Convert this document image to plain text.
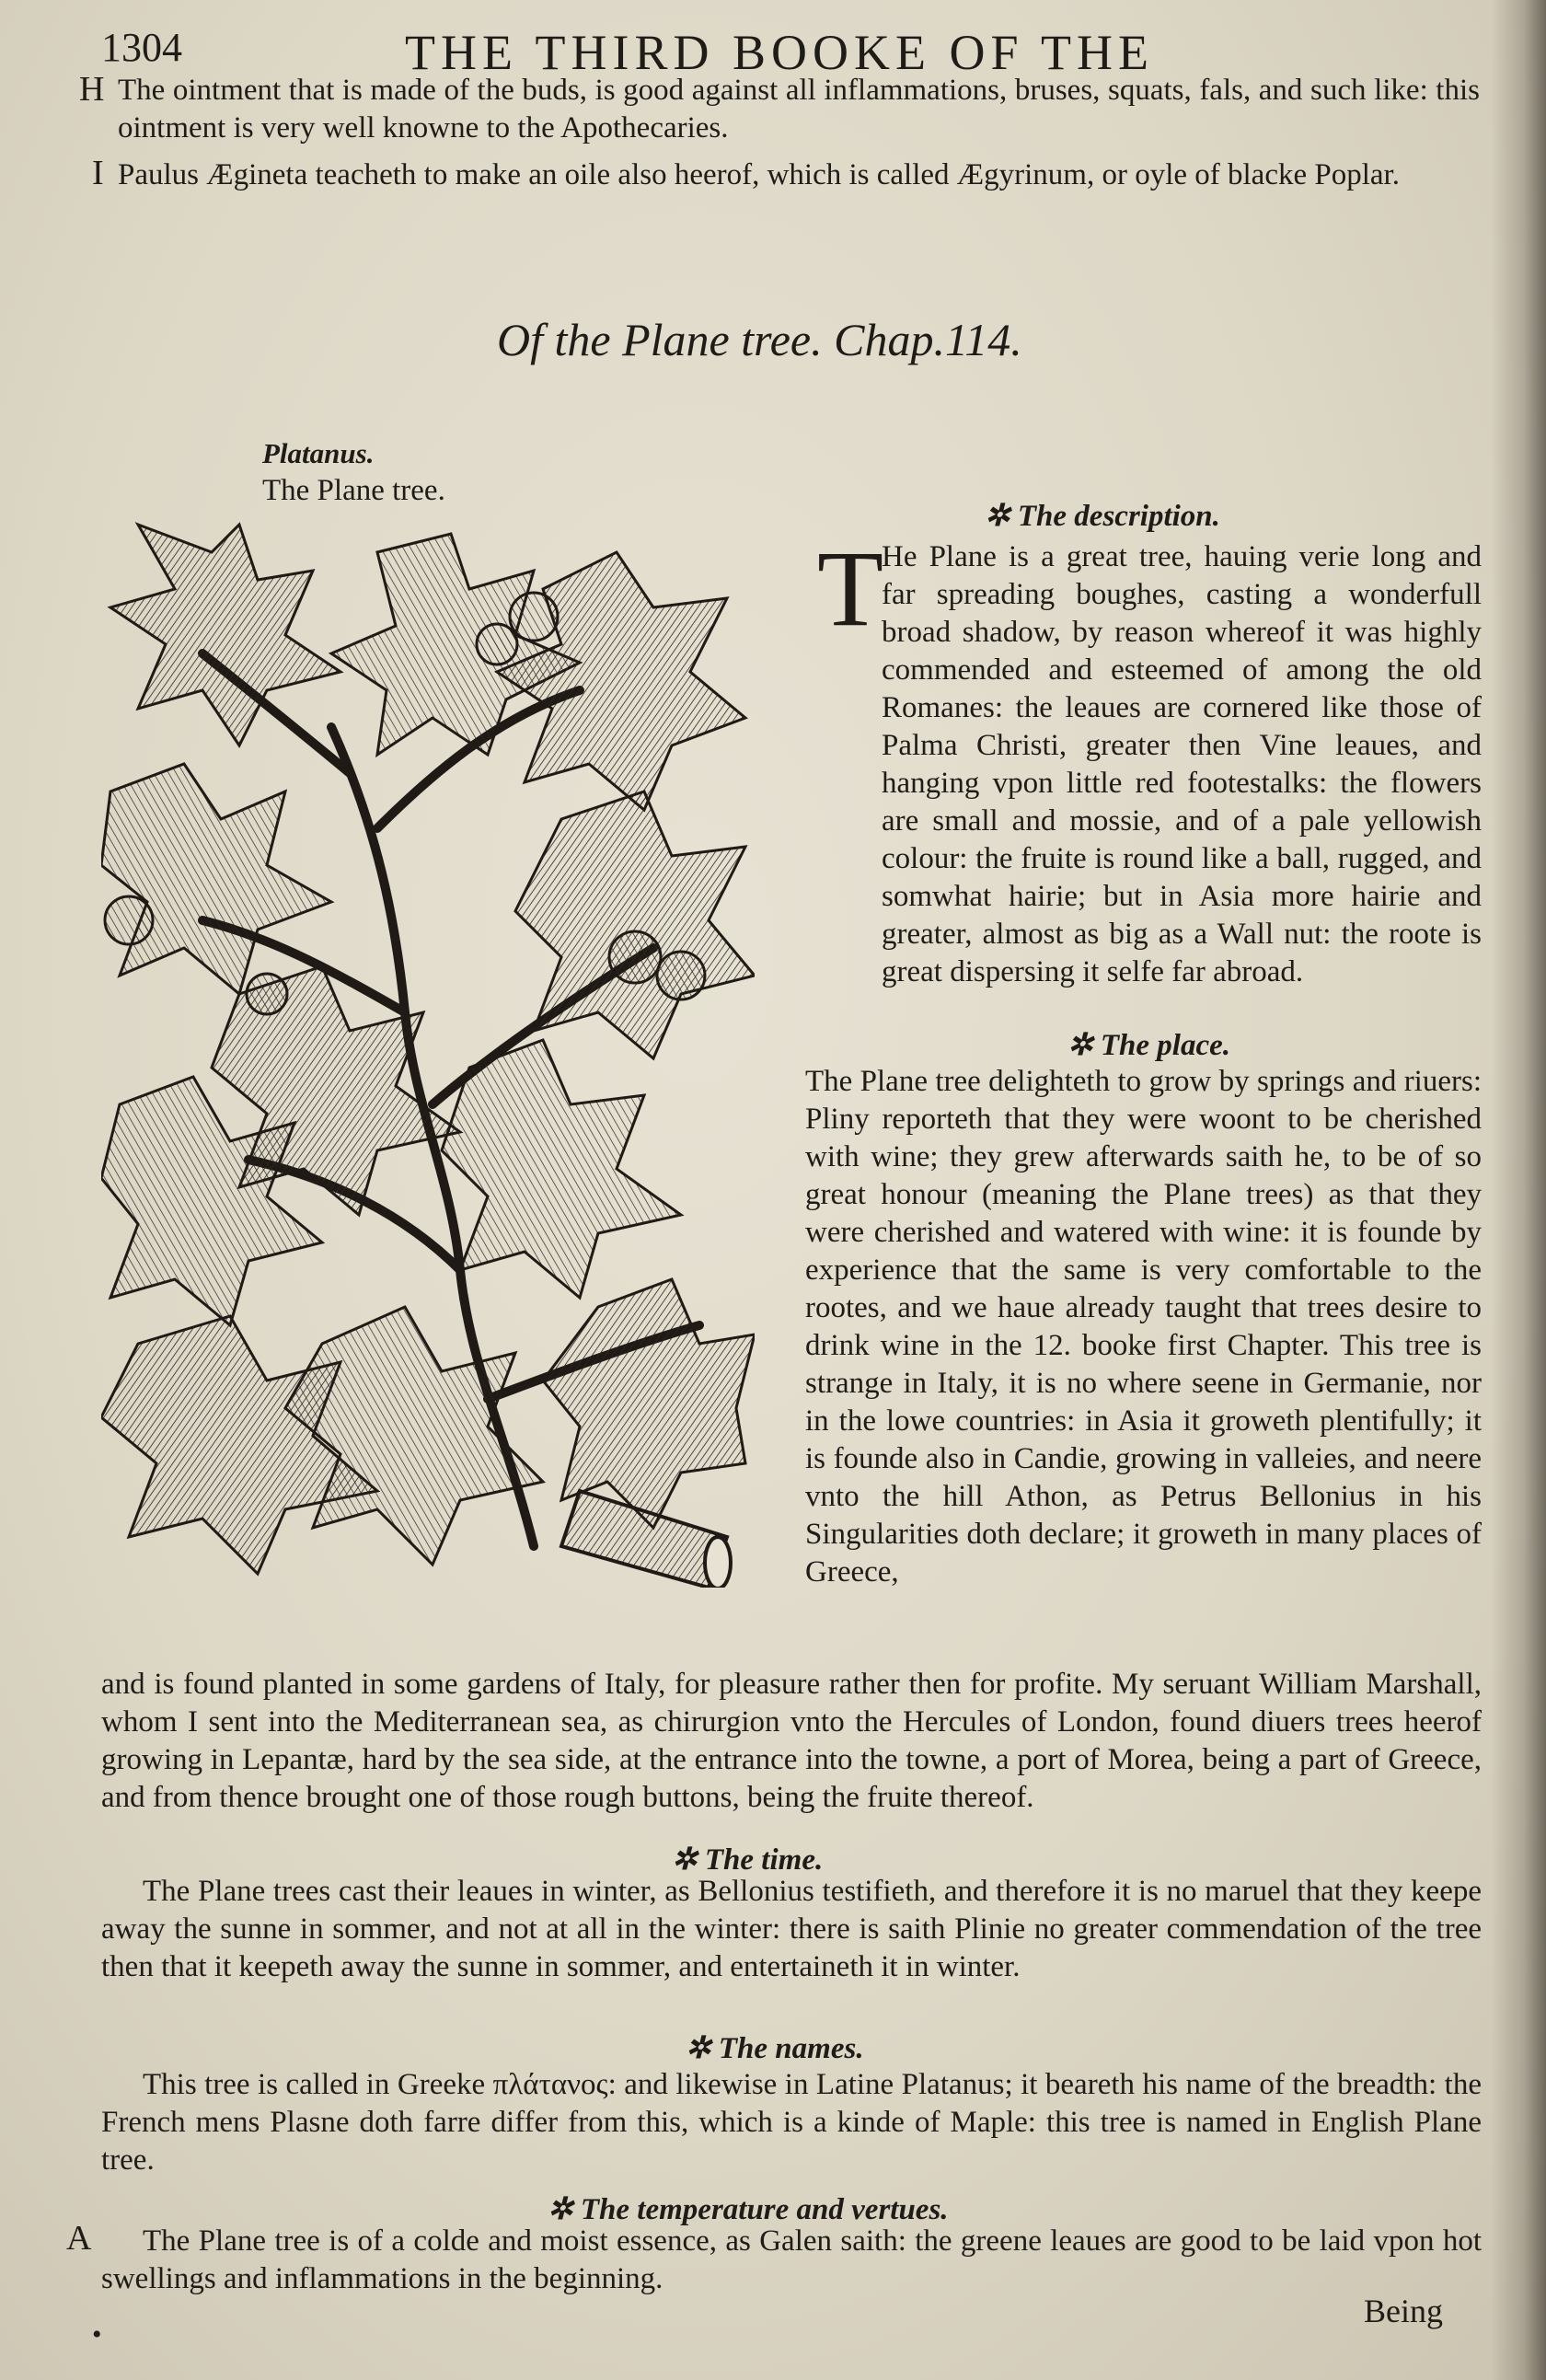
1304	THE THIRD BOOKE OF THE
H The ointment that is made of the buds, is good against all inflammations, bruses, squats, fals, and such like: this ointment is very well knowne to the Apothecaries.
I Paulus Ægineta teacheth to make an oile also heerof, which is called Ægyrinum, or oyle of blacke Poplar.
Of the Plane tree. Chap.114.
Platanus.
The Plane tree.
✲ The description.
T
He Plane is a great tree, hauing verie long and far spreading boughes, casting a wonderfull broad shadow, by reason whereof it was highly commended and esteemed of among the old Romanes: the leaues are cornered like those of Palma Christi, greater then Vine leaues, and hanging vpon little red footestalks: the flowers are small and mossie, and of a pale yellowish colour: the fruite is round like a ball, rugged, and somwhat hairie; but in Asia more hairie and greater, almost as big as a Wall nut: the roote is great dispersing it selfe far abroad.
✲ The place.
The Plane tree delighteth to grow by springs and riuers: Pliny reporteth that they were woont to be cherished with wine; they grew afterwards saith he, to be of so great honour (meaning the Plane trees) as that they were cherished and watered with wine: it is founde by experience that the same is very comfortable to the rootes, and we haue already taught that trees desire to drink wine in the 12. booke first Chapter. This tree is strange in Italy, it is no where seene in Germanie, nor in the lowe countries: in Asia it groweth plentifully; it is founde also in Candie, growing in valleies, and neere vnto the hill Athon, as Petrus Bellonius in his Singularities doth declare; it groweth in many places of Greece,
and is found planted in some gardens of Italy, for pleasure rather then for profite. My seruant William Marshall, whom I sent into the Mediterranean sea, as chirurgion vnto the Hercules of London, found diuers trees heerof growing in Lepantæ, hard by the sea side, at the entrance into the towne, a port of Morea, being a part of Greece, and from thence brought one of those rough buttons, being the fruite thereof.
✲ The time.
The Plane trees cast their leaues in winter, as Bellonius testifieth, and therefore it is no maruel that they keepe away the sunne in sommer, and not at all in the winter: there is saith Plinie no greater commendation of the tree then that it keepeth away the sunne in sommer, and entertaineth it in winter.
✲ The names.
This tree is called in Greeke πλάτανος: and likewise in Latine Platanus; it beareth his name of the breadth: the French mens Plasne doth farre differ from this, which is a kinde of Maple: this tree is named in English Plane tree.
✲ The temperature and vertues.
A	The Plane tree is of a colde and moist essence, as Galen saith: the greene leaues are good to be laid vpon hot swellings and inflammations in the beginning.
Being
•
